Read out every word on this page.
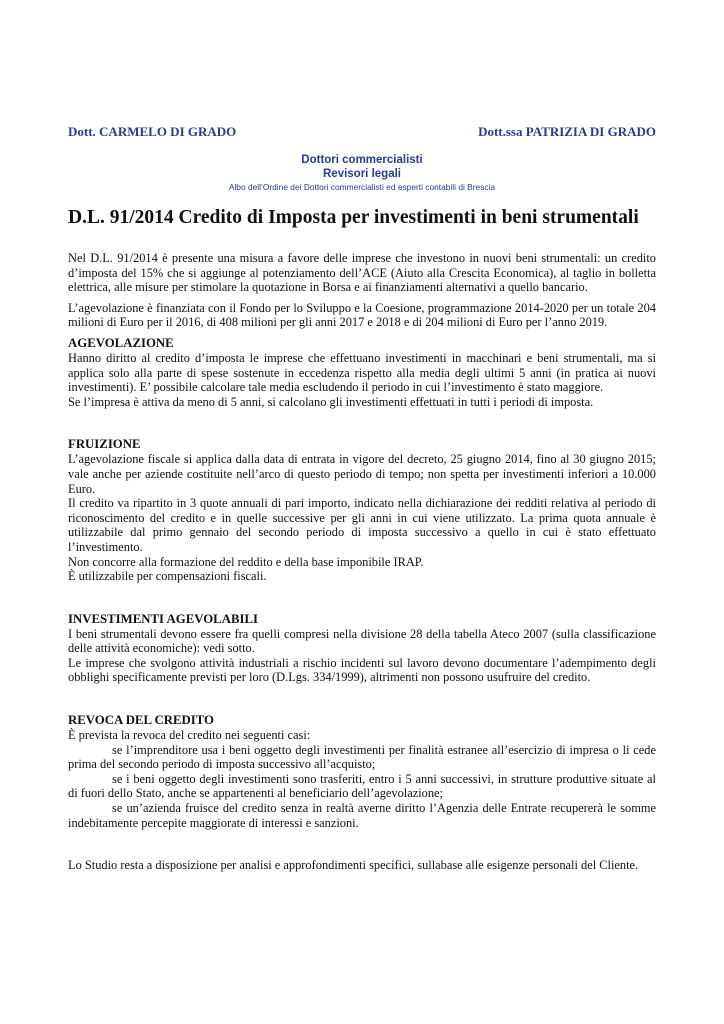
Dott. CARMELO DI GRADO	Dott.ssa PATRIZIA DI GRADO
Dottori commercialisti
Revisori legali
Albo dell’Ordine dei Dottori commercialisti ed esperti contabili di Brescia
D.L. 91/2014 Credito di Imposta per investimenti in beni strumentali

Nel D.L. 91/2014 è presente una misura a favore delle imprese che investono in nuovi beni strumentali: un credito d’imposta del 15% che si aggiunge al potenziamento dell’ACE (Aiuto alla Crescita Economica), al taglio in bolletta elettrica, alle misure per stimolare la quotazione in Borsa e ai finanziamenti alternativi a quello bancario.

L’agevolazione è finanziata con il Fondo per lo Sviluppo e la Coesione, programmazione 2014-2020 per un totale 204 milioni di Euro per il 2016, di 408 milioni per gli anni 2017 e 2018 e di 204 milioni di Euro per l’anno 2019.

AGEVOLAZIONE

Hanno diritto al credito d’imposta le imprese che effettuano investimenti in macchinari e beni strumentali, ma si applica solo alla parte di spese sostenute in eccedenza rispetto alla media degli ultimi 5 anni (in pratica ai nuovi investimenti). E’ possibile calcolare tale media escludendo il periodo in cui l’investimento è stato maggiore.

Se l’impresa è attiva da meno di 5 anni, si calcolano gli investimenti effettuati in tutti i periodi di imposta.

FRUIZIONE

L’agevolazione fiscale si applica dalla data di entrata in vigore del decreto, 25 giugno 2014, fino al 30 giugno 2015; vale anche per aziende costituite nell’arco di questo periodo di tempo; non spetta per investimenti inferiori a 10.000 Euro.

Il credito va ripartito in 3 quote annuali di pari importo, indicato nella dichiarazione dei redditi relativa al periodo di riconoscimento del credito e in quelle successive per gli anni in cui viene utilizzato. La prima quota annuale è utilizzabile dal primo gennaio del secondo periodo di imposta successivo a quello in cui è stato effettuato l’investimento.

Non concorre alla formazione del reddito e della base imponibile IRAP.

È utilizzabile per compensazioni fiscali.

INVESTIMENTI AGEVOLABILI

I beni strumentali devono essere fra quelli compresi nella divisione 28 della tabella Ateco 2007 (sulla classificazione delle attività economiche): vedi sotto.

Le imprese che svolgono attività industriali a rischio incidenti sul lavoro devono documentare l’adempimento degli obblighi specificamente previsti per loro (D.Lgs. 334/1999), altrimenti non possono usufruire del credito.

REVOCA DEL CREDITO

È prevista la revoca del credito nei seguenti casi:

se l’imprenditore usa i beni oggetto degli investimenti per finalità estranee all’esercizio di impresa o li cede prima del secondo periodo di imposta successivo all’acquisto;

se i beni oggetto degli investimenti sono trasferiti, entro i 5 anni successivi, in strutture produttive situate al di fuori dello Stato, anche se appartenenti al beneficiario dell’agevolazione;

se un’azienda fruisce del credito senza in realtà averne diritto l’Agenzia delle Entrate recupererà le somme indebitamente percepite maggiorate di interessi e sanzioni.

Lo Studio resta a disposizione per analisi e approfondimenti specifici, sullabase alle esigenze personali del Cliente.
